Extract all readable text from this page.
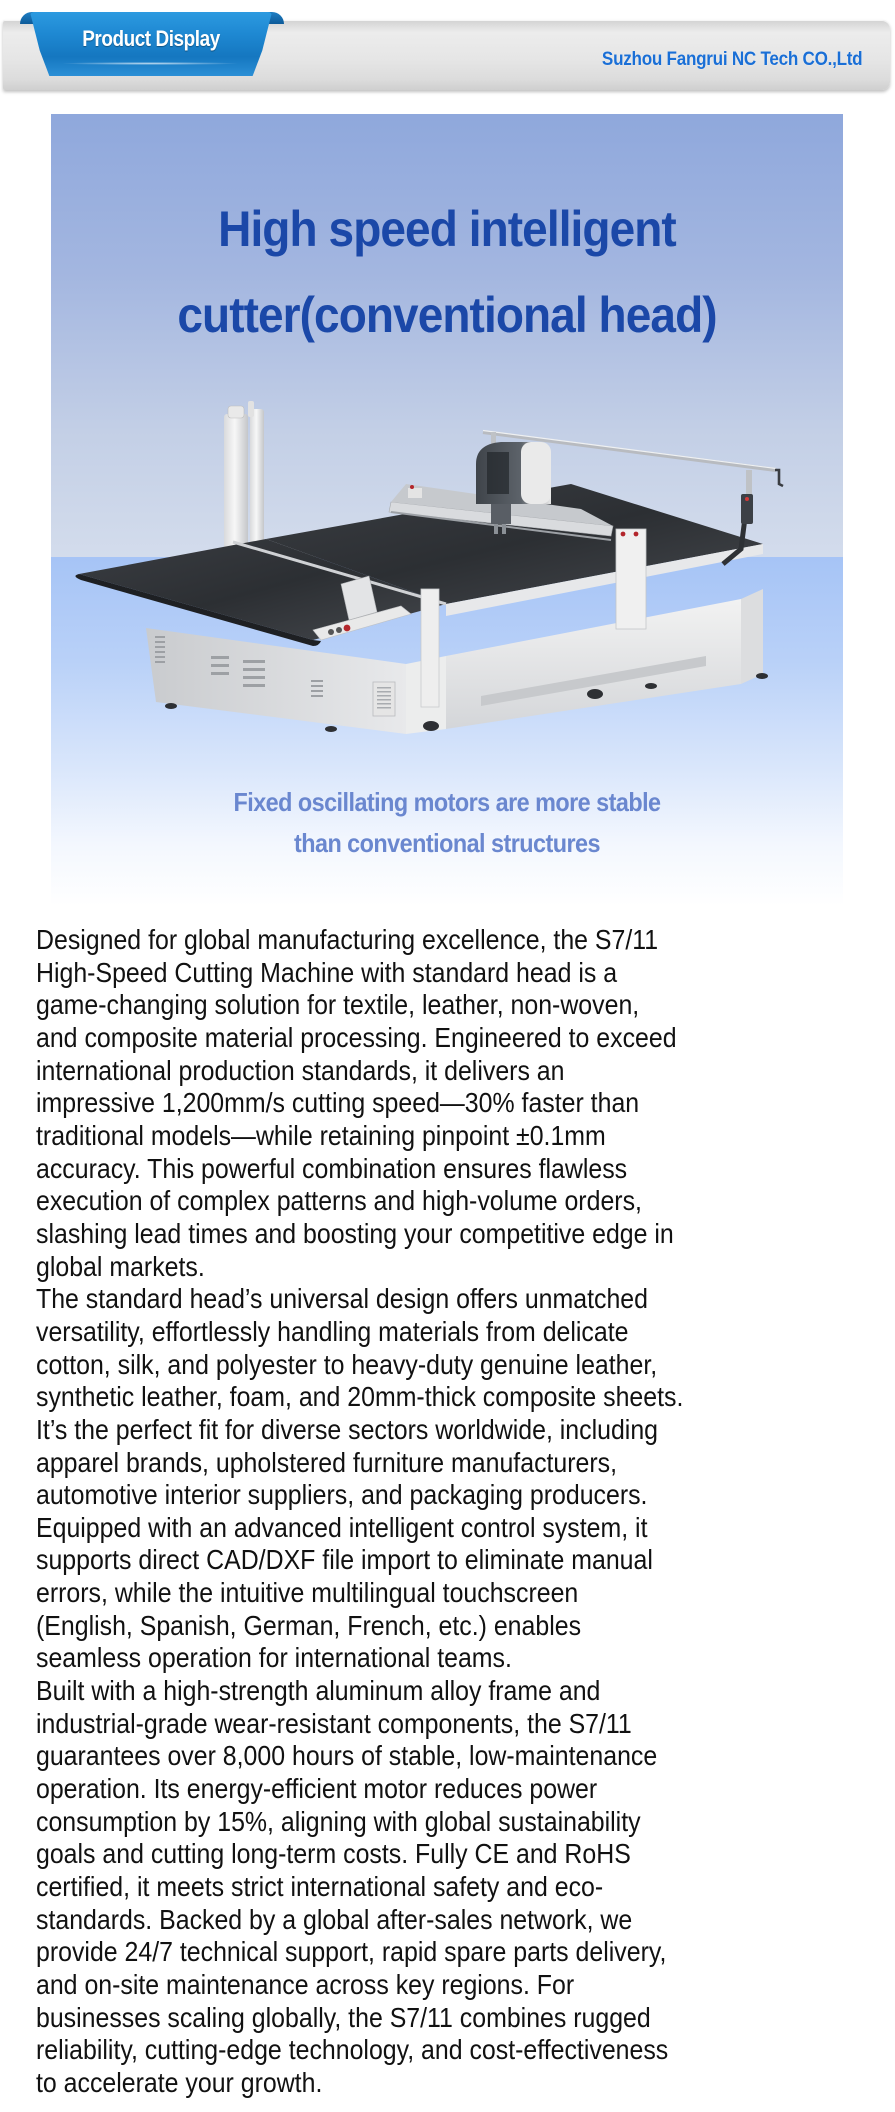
Product Display
Suzhou Fangrui NC Tech CO.,Ltd
High speed intelligent
cutter(conventional head)
Fixed oscillating motors are more stable
than conventional structures

Designed for global manufacturing excellence, the S7/11
High-Speed Cutting Machine with standard head is a
game-changing solution for textile, leather, non-woven,
and composite material processing. Engineered to exceed
international production standards, it delivers an
impressive 1,200mm/s cutting speed—30% faster than
traditional models—while retaining pinpoint ±0.1mm
accuracy. This powerful combination ensures flawless
execution of complex patterns and high-volume orders,
slashing lead times and boosting your competitive edge in
global markets.

The standard head’s universal design offers unmatched
versatility, effortlessly handling materials from delicate
cotton, silk, and polyester to heavy-duty genuine leather,
synthetic leather, foam, and 20mm-thick composite sheets.
It’s the perfect fit for diverse sectors worldwide, including
apparel brands, upholstered furniture manufacturers,
automotive interior suppliers, and packaging producers.
Equipped with an advanced intelligent control system, it
supports direct CAD/DXF file import to eliminate manual
errors, while the intuitive multilingual touchscreen
(English, Spanish, German, French, etc.) enables
seamless operation for international teams.

Built with a high-strength aluminum alloy frame and
industrial-grade wear-resistant components, the S7/11
guarantees over 8,000 hours of stable, low-maintenance
operation. Its energy-efficient motor reduces power
consumption by 15%, aligning with global sustainability
goals and cutting long-term costs. Fully CE and RoHS
certified, it meets strict international safety and eco-
standards. Backed by a global after-sales network, we
provide 24/7 technical support, rapid spare parts delivery,
and on-site maintenance across key regions. For
businesses scaling globally, the S7/11 combines rugged
reliability, cutting-edge technology, and cost-effectiveness
to accelerate your growth.
